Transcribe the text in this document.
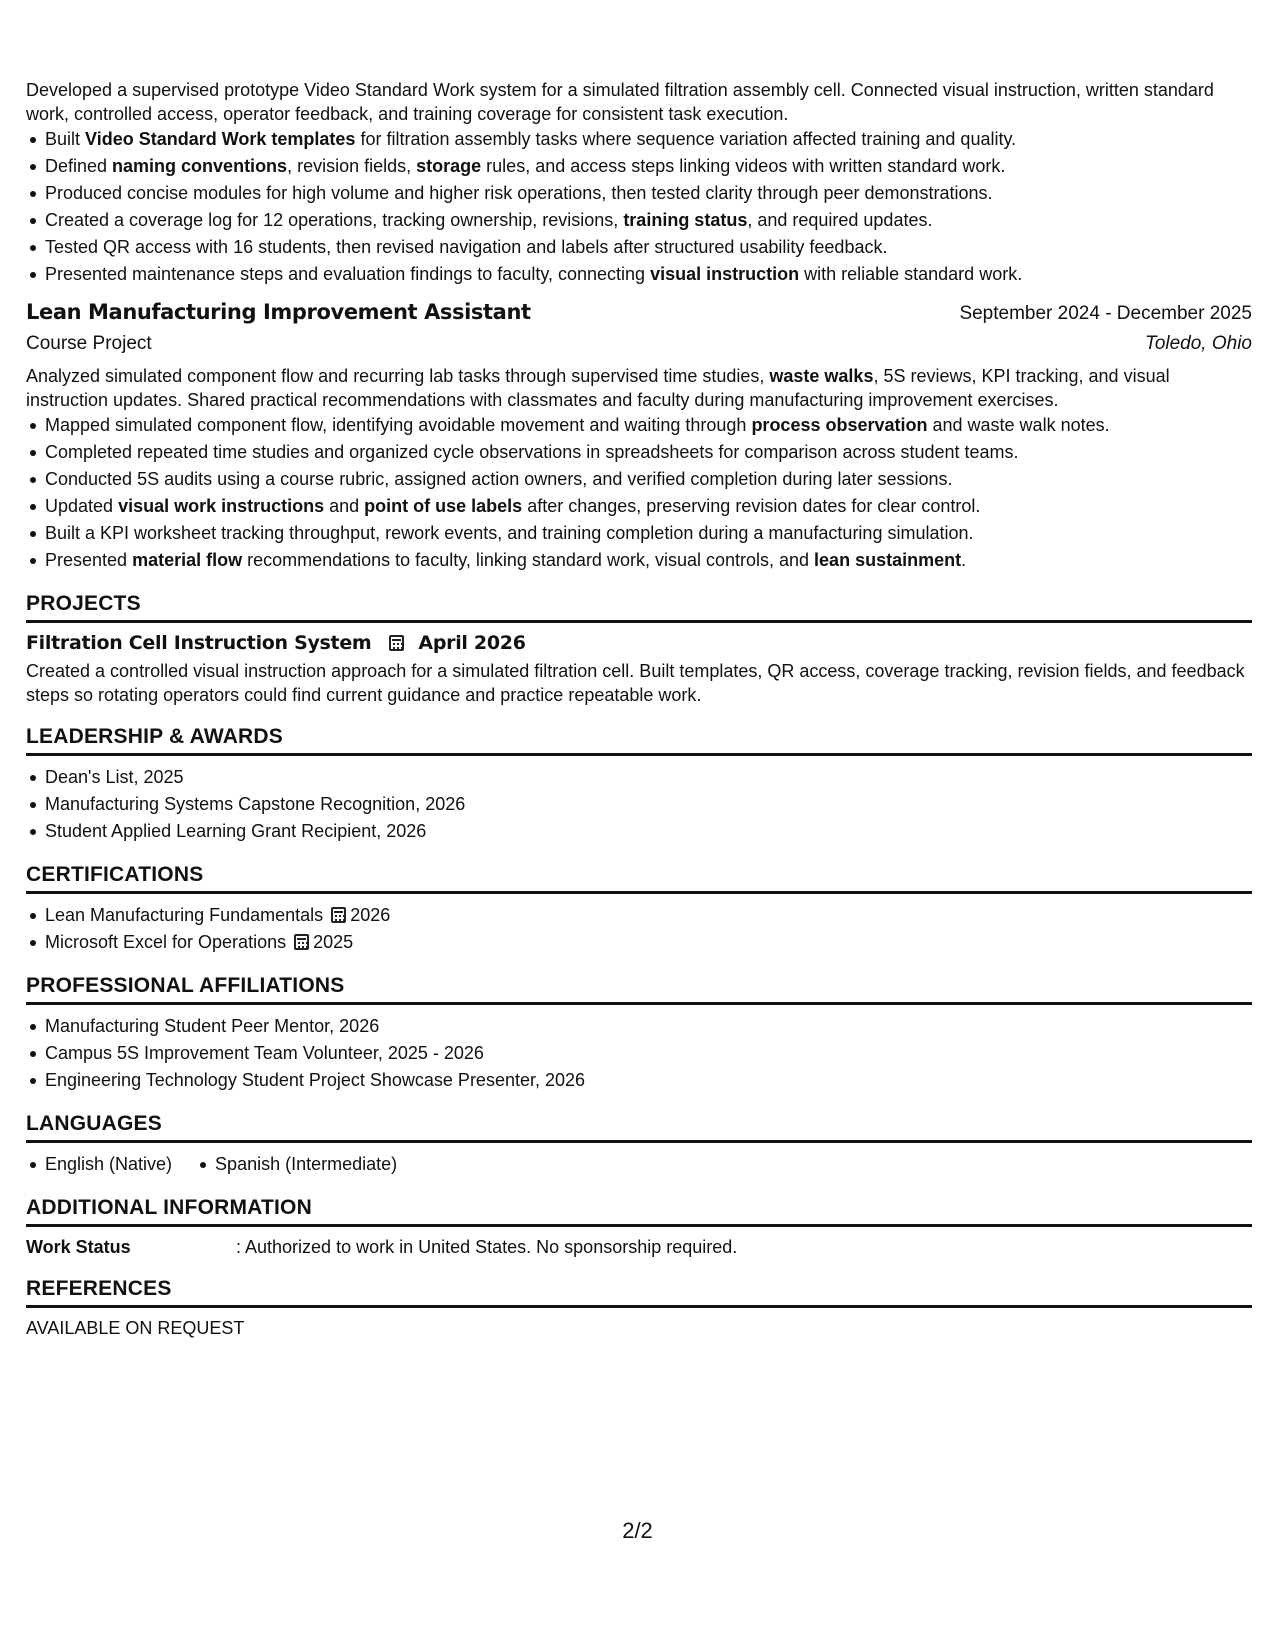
Developed a supervised prototype Video Standard Work system for a simulated filtration assembly cell. Connected visual instruction, written standard work, controlled access, operator feedback, and training coverage for consistent task execution.

Built Video Standard Work templates for filtration assembly tasks where sequence variation affected training and quality.
Defined naming conventions, revision fields, storage rules, and access steps linking videos with written standard work.
Produced concise modules for high volume and higher risk operations, then tested clarity through peer demonstrations.
Created a coverage log for 12 operations, tracking ownership, revisions, training status, and required updates.
Tested QR access with 16 students, then revised navigation and labels after structured usability feedback.
Presented maintenance steps and evaluation findings to faculty, connecting visual instruction with reliable standard work.
Lean Manufacturing Improvement Assistant	September 2024 - December 2025
Course Project	Toledo, Ohio

Analyzed simulated component flow and recurring lab tasks through supervised time studies, waste walks, 5S reviews, KPI tracking, and visual instruction updates. Shared practical recommendations with classmates and faculty during manufacturing improvement exercises.

Mapped simulated component flow, identifying avoidable movement and waiting through process observation and waste walk notes.
Completed repeated time studies and organized cycle observations in spreadsheets for comparison across student teams.
Conducted 5S audits using a course rubric, assigned action owners, and verified completion during later sessions.
Updated visual work instructions and point of use labels after changes, preserving revision dates for clear control.
Built a KPI worksheet tracking throughput, rework events, and training completion during a manufacturing simulation.
Presented material flow recommendations to faculty, linking standard work, visual controls, and lean sustainment.
PROJECTS
Filtration Cell Instruction System April 2026

Created a controlled visual instruction approach for a simulated filtration cell. Built templates, QR access, coverage tracking, revision fields, and feedback steps so rotating operators could find current guidance and practice repeatable work.

LEADERSHIP & AWARDS
Dean's List, 2025
Manufacturing Systems Capstone Recognition, 2026
Student Applied Learning Grant Recipient, 2026
CERTIFICATIONS
Lean Manufacturing Fundamentals 2026
Microsoft Excel for Operations 2025
PROFESSIONAL AFFILIATIONS
Manufacturing Student Peer Mentor, 2026
Campus 5S Improvement Team Volunteer, 2025 - 2026
Engineering Technology Student Project Showcase Presenter, 2026
LANGUAGES
English (Native)	Spanish (Intermediate)
ADDITIONAL INFORMATION
Work Status	: Authorized to work in United States. No sponsorship required.
REFERENCES

AVAILABLE ON REQUEST

2/2
